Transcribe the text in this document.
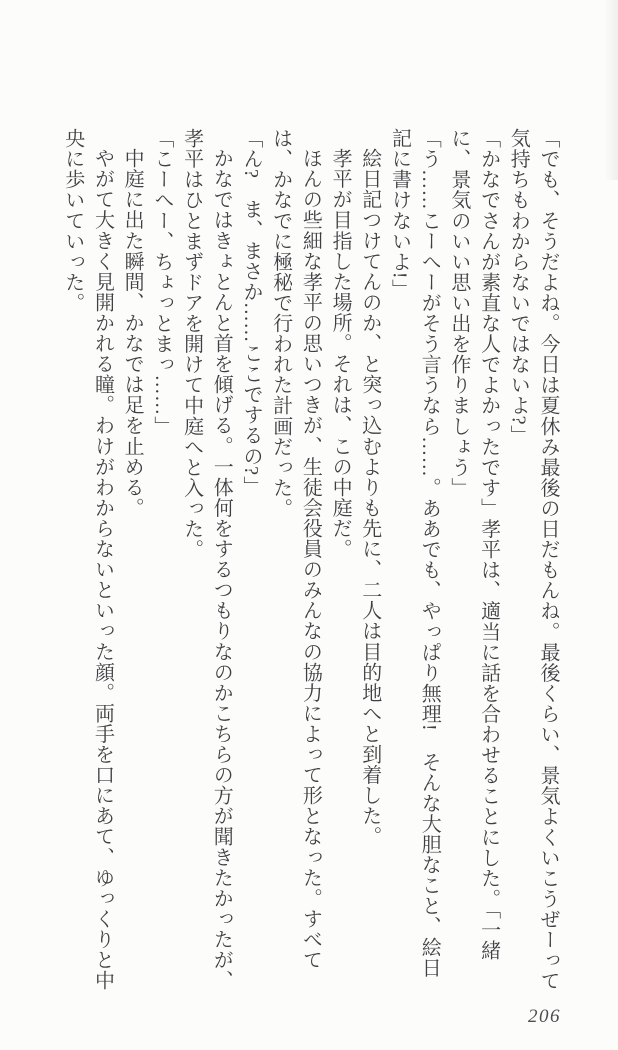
「でも、そうだよね。今日は夏休み最後の日だもんね。最後くらい、景気よくいこうぜーって気持ちもわからないではないよ?」

「かなでさんが素直な人でよかったです」孝平は、適当に話を合わせることにした。「一緒に、景気のいい思い出を作りましょう」

「う……こーへーがそう言うなら……。ああでも、やっぱり無理!　そんな大胆なこと、絵日記に書けないよ!」

絵日記つけてんのか、と突っ込むよりも先に、二人は目的地へと到着した。

孝平が目指した場所。それは、この中庭だ。

ほんの些細な孝平の思いつきが、生徒会役員のみんなの協力によって形となった。すべては、かなでに極秘で行われた計画だった。

「ん?　ま、まさか……ここでするの?」

かなではきょとんと首を傾げる。一体何をするつもりなのかこちらの方が聞きたかったが、孝平はひとまずドアを開けて中庭へと入った。

「こーへー、ちょっとまっ……」

中庭に出た瞬間、かなでは足を止める。

やがて大きく見開かれる瞳。わけがわからないといった顔。両手を口にあて、ゆっくりと中央に歩いていった。

206
